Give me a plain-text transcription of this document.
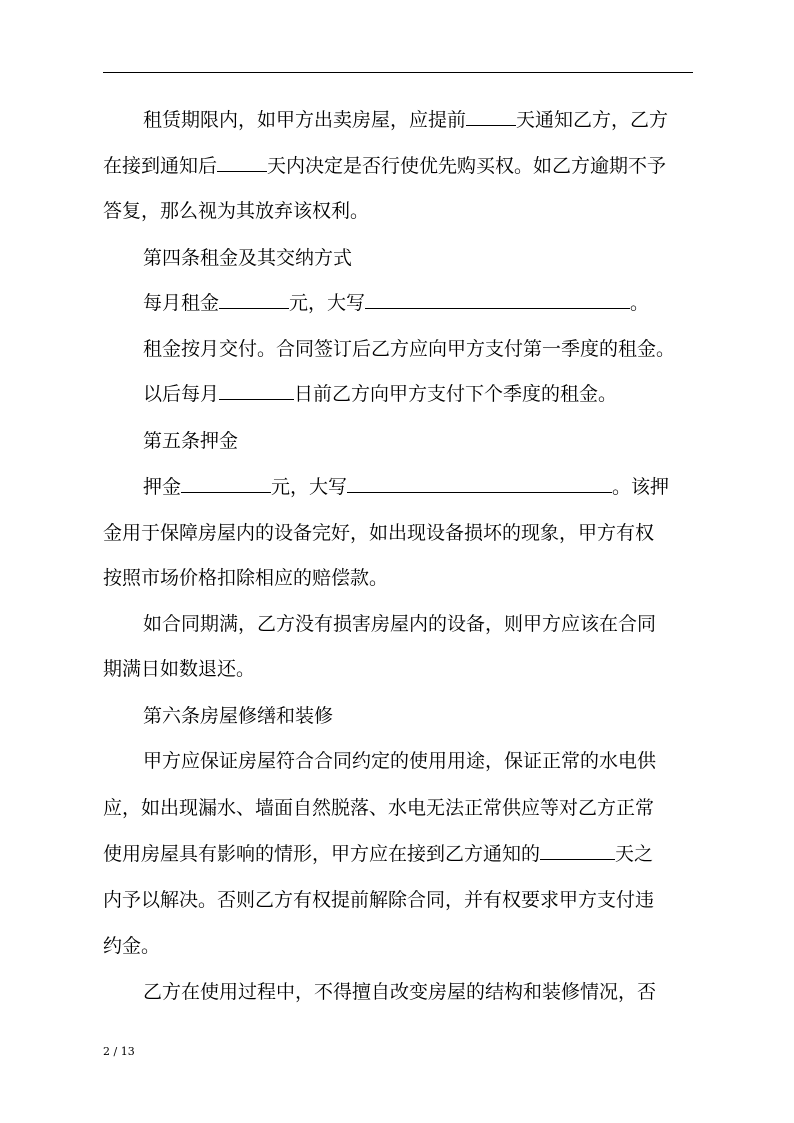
租赁期限内，如甲方出卖房屋，应提前	天通知乙方，乙方
在接到通知后	天内决定是否行使优先购买权。如乙方逾期不予
答复，那么视为其放弃该权利。
第四条租金及其交纳方式
每月租金	元，大写	。
租金按月交付。合同签订后乙方应向甲方支付第一季度的租金。
以后每月	日前乙方向甲方支付下个季度的租金。
第五条押金
押金	元，大写	。该押
金用于保障房屋内的设备完好，如出现设备损坏的现象，甲方有权
按照市场价格扣除相应的赔偿款。
如合同期满，乙方没有损害房屋内的设备，则甲方应该在合同
期满日如数退还。
第六条房屋修缮和装修
甲方应保证房屋符合合同约定的使用用途，保证正常的水电供
应，如出现漏水、墙面自然脱落、水电无法正常供应等对乙方正常
使用房屋具有影响的情形，甲方应在接到乙方通知的	天之
内予以解决。否则乙方有权提前解除合同，并有权要求甲方支付违
约金。
乙方在使用过程中，不得擅自改变房屋的结构和装修情况，否
2 / 13
